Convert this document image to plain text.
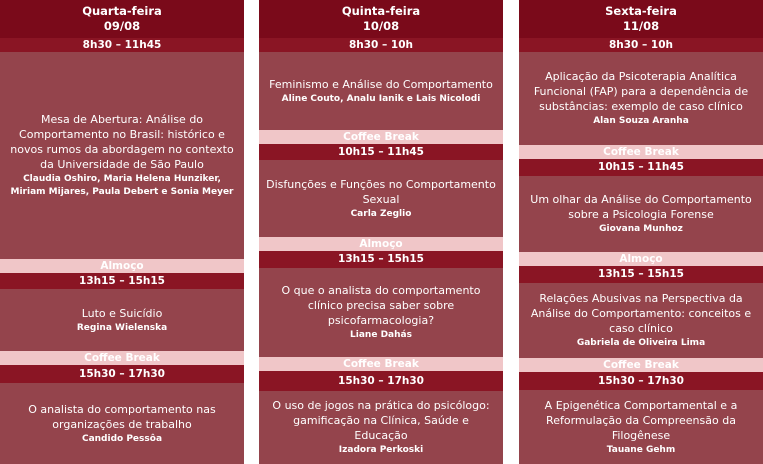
Quarta-feira
09/08
8h30 – 11h45
Mesa de Abertura: Análise do Comportamento no Brasil: histórico e novos rumos da abordagem no contexto da Universidade de São Paulo
Claudia Oshiro, Maria Helena Hunziker, Miriam Mijares, Paula Debert e Sonia Meyer
Almoço
13h15 – 15h15
Luto e Suicídio
Regina Wielenska
Coffee Break
15h30 – 17h30
O analista do comportamento nas organizações de trabalho
Candido Pessôa
Quinta-feira
10/08
8h30 – 10h
Feminismo e Análise do Comportamento
Aline Couto, Analu Ianik e Lais Nicolodi
Coffee Break
10h15 – 11h45
Disfunções e Funções no Comportamento Sexual
Carla Zeglio
Almoço
13h15 – 15h15
O que o analista do comportamento clínico precisa saber sobre psicofarmacologia?
Liane Dahás
Coffee Break
15h30 – 17h30
O uso de jogos na prática do psicólogo: gamificação na Clínica, Saúde e Educação
Izadora Perkoski
Sexta-feira
11/08
8h30 – 10h
Aplicação da Psicoterapia Analítica Funcional (FAP) para a dependência de substâncias: exemplo de caso clínico
Alan Souza Aranha
Coffee Break
10h15 – 11h45
Um olhar da Análise do Comportamento sobre a Psicologia Forense
Giovana Munhoz
Almoço
13h15 – 15h15
Relações Abusivas na Perspectiva da Análise do Comportamento: conceitos e caso clínico
Gabriela de Oliveira Lima
Coffee Break
15h30 – 17h30
A Epigenética Comportamental e a Reformulação da Compreensão da Filogênese
Tauane Gehm
